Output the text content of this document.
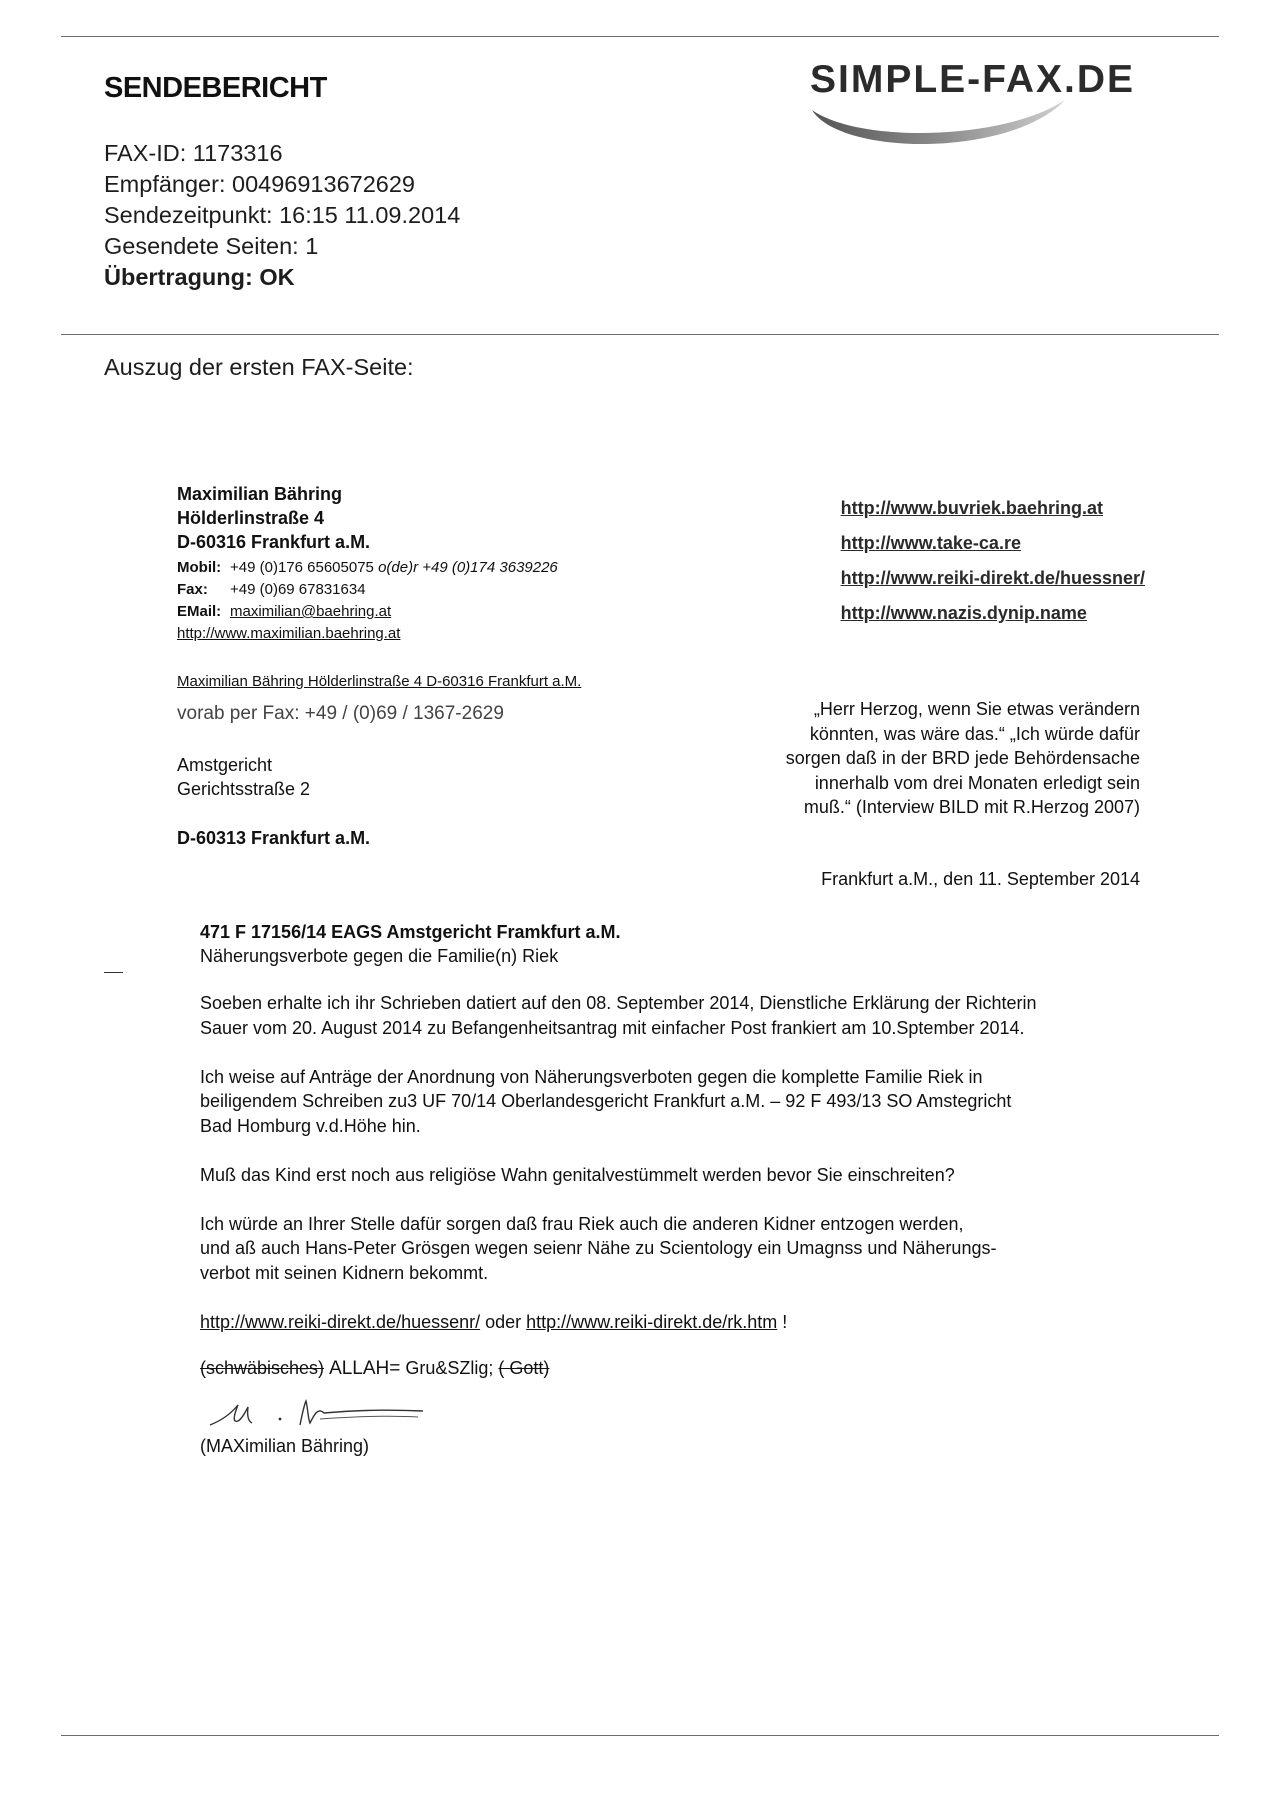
SENDEBERICHT
FAX-ID: 1173316
Empfänger: 00496913672629
Sendezeitpunkt: 16:15 11.09.2014
Gesendete Seiten: 1
Übertragung: OK
SIMPLE-FAX.DE
Auszug der ersten FAX-Seite:
Maximilian Bähring
Hölderlinstraße 4
D-60316 Frankfurt a.M.
Mobil: +49 (0)176 65605075 o(de)r +49 (0)174 3639226
Fax: +49 (0)69 67831634
EMail: maximilian@baehring.at
http://www.maximilian.baehring.at
http://www.buvriek.baehring.at
http://www.take-ca.re
http://www.reiki-direkt.de/huessner/
http://www.nazis.dynip.name
Maximilian Bähring Hölderlinstraße 4 D-60316 Frankfurt a.M.
vorab per Fax: +49 / (0)69 / 1367-2629
Amstgericht
Gerichtsstraße 2
D-60313 Frankfurt a.M.
„Herr Herzog, wenn Sie etwas verändern
könnten, was wäre das.“ „Ich würde dafür
sorgen daß in der BRD jede Behördensache
innerhalb vom drei Monaten erledigt sein
muß.“ (Interview BILD mit R.Herzog 2007)
Frankfurt a.M., den 11. September 2014
471 F 17156/14 EAGS Amstgericht Framkfurt a.M.
Näherungsverbote gegen die Familie(n) Riek

Soeben erhalte ich ihr Schrieben datiert auf den 08. September 2014, Dienstliche Erklärung der Richterin
Sauer vom 20. August 2014 zu Befangenheitsantrag mit einfacher Post frankiert am 10.Sptember 2014.

Ich weise auf Anträge der Anordnung von Näherungsverboten gegen die komplette Familie Riek in
beiligendem Schreiben zu3 UF 70/14 Oberlandesgericht Frankfurt a.M. – 92 F 493/13 SO Amstegricht
Bad Homburg v.d.Höhe hin.

Muß das Kind erst noch aus religiöse Wahn genitalvestümmelt werden bevor Sie einschreiten?

Ich würde an Ihrer Stelle dafür sorgen daß frau Riek auch die anderen Kidner entzogen werden,
und aß auch Hans-Peter Grösgen wegen seienr Nähe zu Scientology ein Umagnss und Näherungs-
verbot mit seinen Kidnern bekommt.

http://www.reiki-direkt.de/huessenr/ oder http://www.reiki-direkt.de/rk.htm !

(schwäbisches) ALLAH= Gru&SZlig; ( Gott)
(MAXimilian Bähring)
